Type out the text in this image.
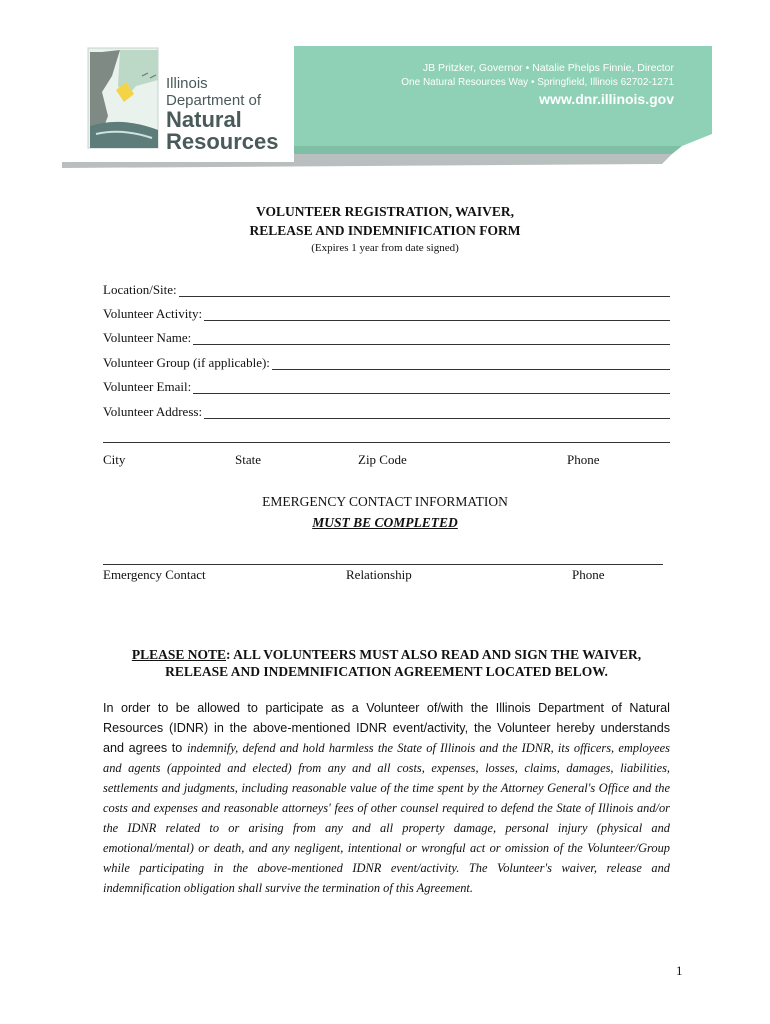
Illinois
Department of
Natural
Resources
JB Pritzker, Governor • Natalie Phelps Finnie, Director
One Natural Resources Way • Springfield, Illinois 62702-1271
www.dnr.illinois.gov
VOLUNTEER REGISTRATION, WAIVER,
RELEASE AND INDEMNIFICATION FORM
(Expires 1 year from date signed)
Location/Site:
Volunteer Activity:
Volunteer Name:
Volunteer Group (if applicable):
Volunteer Email:
Volunteer Address:
City	State	Zip Code	Phone
EMERGENCY CONTACT INFORMATION
MUST BE COMPLETED
Emergency Contact	Relationship	Phone
PLEASE NOTE: ALL VOLUNTEERS MUST ALSO READ AND SIGN THE WAIVER,
RELEASE AND INDEMNIFICATION AGREEMENT LOCATED BELOW.
In order to be allowed to participate as a Volunteer of/with the Illinois Department of Natural Resources (IDNR) in the above-mentioned IDNR event/activity, the Volunteer hereby understands and agrees to indemnify, defend and hold harmless the State of Illinois and the IDNR, its officers, employees and agents (appointed and elected) from any and all costs, expenses, losses, claims, damages, liabilities, settlements and judgments, including reasonable value of the time spent by the Attorney General's Office and the costs and expenses and reasonable attorneys' fees of other counsel required to defend the State of Illinois and/or the IDNR related to or arising from any and all property damage, personal injury (physical and emotional/mental) or death, and any negligent, intentional or wrongful act or omission of the Volunteer/Group while participating in the above-mentioned IDNR event/activity. The Volunteer's waiver, release and indemnification obligation shall survive the termination of this Agreement.
1
